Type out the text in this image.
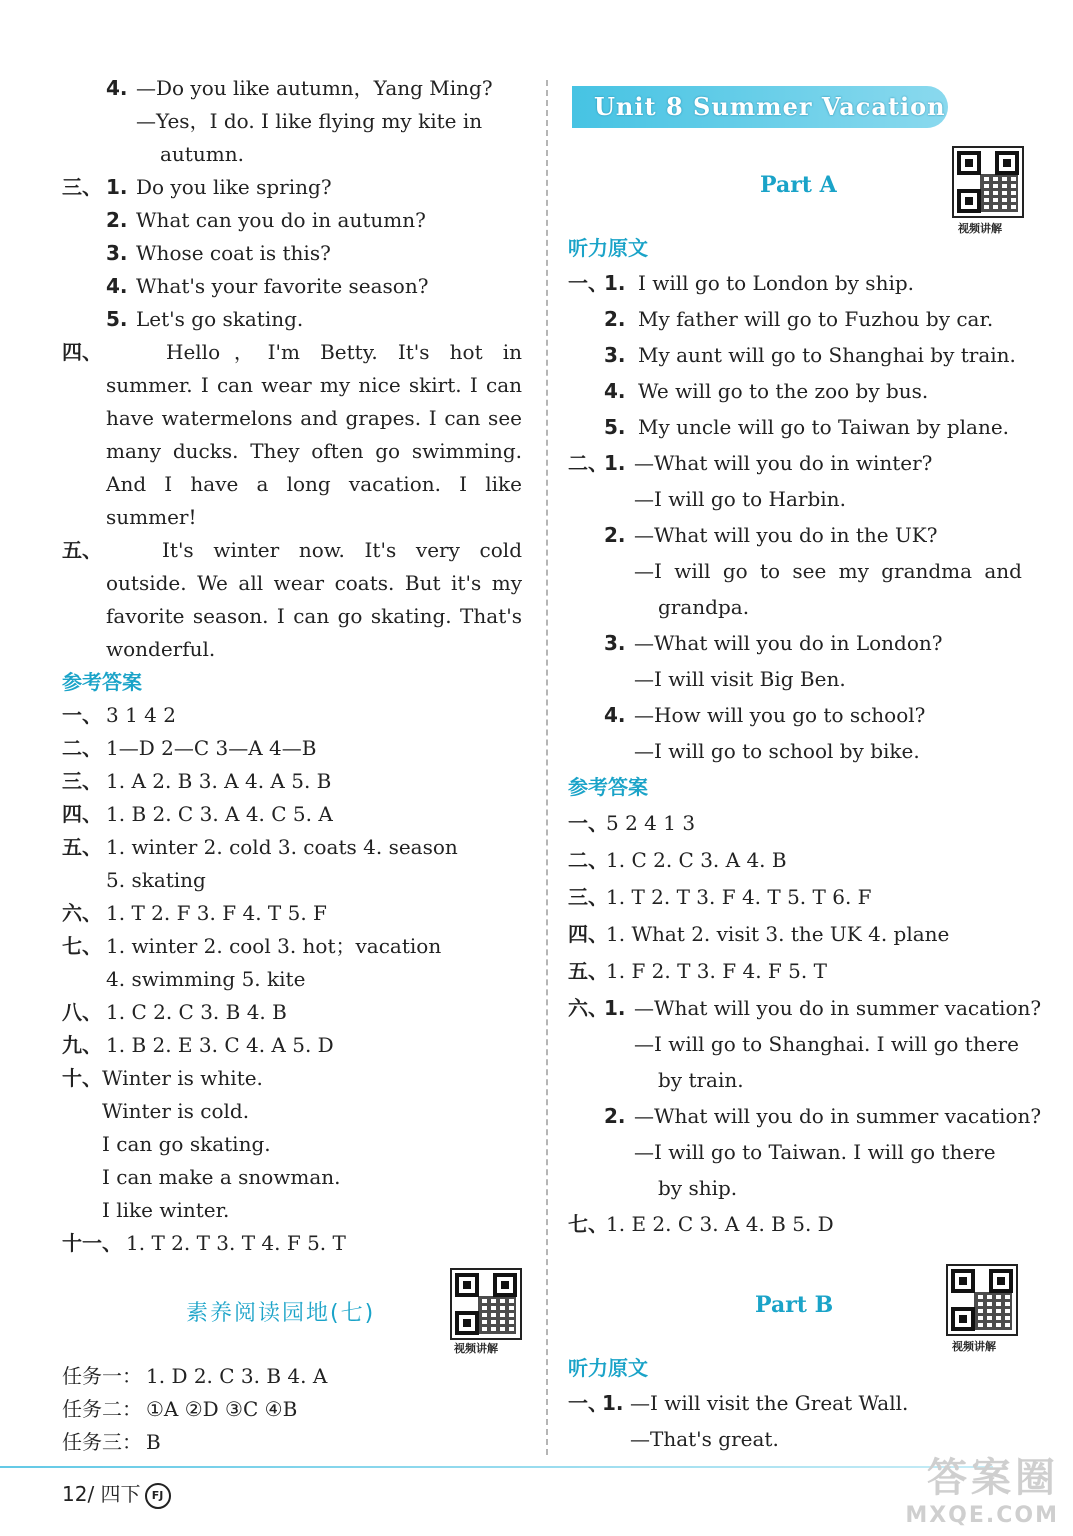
4. —Do you like autumn，Yang Ming?
—Yes，I do. I like flying my kite in
autumn.
三、 1. Do you like spring?
2. What can you do in autumn?
3. Whose coat is this?
4. What's your favorite season?
5. Let's go skating.
四、	Hello，I'm Betty. It's hot in
summer. I can wear my nice skirt. I can
have watermelons and grapes. I can see
many ducks. They often go swimming.
And I have a long vacation. I like
summer!
五、	It's winter now. It's very cold
outside. We all wear coats. But it's my
favorite season. I can go skating. That's
wonderful.
参考答案
一、 3 1 4 2
二、 1—D 2—C 3—A 4—B
三、 1. A 2. B 3. A 4. A 5. B
四、 1. B 2. C 3. A 4. C 5. A
五、 1. winter 2. cold 3. coats 4. season
5. skating
六、 1. T 2. F 3. F 4. T 5. F
七、 1. winter 2. cool 3. hot；vacation
4. swimming 5. kite
八、 1. C 2. C 3. B 4. B
九、 1. B 2. E 3. C 4. A 5. D
十、 Winter is white.
Winter is cold.
I can go skating.
I can make a snowman.
I like winter.
十一、 1. T 2. T 3. T 4. F 5. T
素养阅读园地(七)
视频讲解
任务一： 1. D 2. C 3. B 4. A
任务二： ①A ②D ③C ④B
任务三： B
Unit 8 Summer Vacation
视频讲解
Part A
听力原文
一、
1. I will go to London by ship.
2. My father will go to Fuzhou by car.
3. My aunt will go to Shanghai by train.
4. We will go to the zoo by bus.
5. My uncle will go to Taiwan by plane.
二、
1. —What will you do in winter?
—I will go to Harbin.
2. —What will you do in the UK?
—I will go to see my grandma and
grandpa.
3. —What will you do in London?
—I will visit Big Ben.
4. —How will you go to school?
—I will go to school by bike.
参考答案
一、
5 2 4 1 3
二、
1. C 2. C 3. A 4. B
三、
1. T 2. T 3. F 4. T 5. T 6. F
四、
1. What 2. visit 3. the UK 4. plane
五、
1. F 2. T 3. F 4. F 5. T
六、
1. —What will you do in summer vacation?
—I will go to Shanghai. I will go there
by train.
2. —What will you do in summer vacation?
—I will go to Taiwan. I will go there
by ship.
七、
1. E 2. C 3. A 4. B 5. D
视频讲解
Part B
听力原文
一、
1. —I will visit the Great Wall.
—That's great.
12/ 四下 FJ	答案圈
MXQE.COM
